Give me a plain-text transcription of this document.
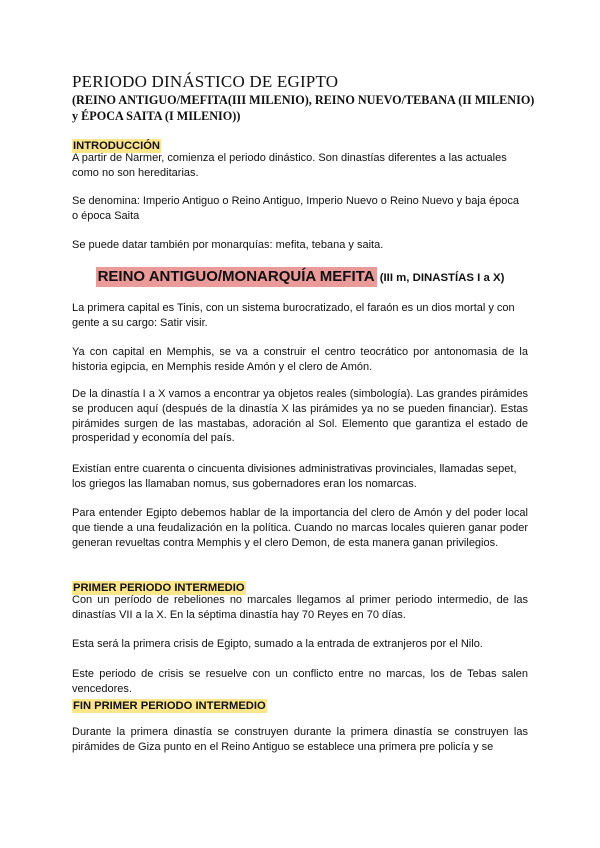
PERIODO DINÁSTICO DE EGIPTO
(REINO ANTIGUO/MEFITA(III MILENIO), REINO NUEVO/TEBANA (II MILENIO) y ÉPOCA SAITA (I MILENIO))
INTRODUCCIÓN

A partir de Narmer, comienza el periodo dinástico. Son dinastías diferentes a las actuales como no son hereditarias.

Se denomina: Imperio Antiguo o Reino Antiguo, Imperio Nuevo o Reino Nuevo y baja época o época Saita

Se puede datar también por monarquías: mefita, tebana y saita.

REINO ANTIGUO/MONARQUÍA MEFITA (III m, DINASTÍAS I a X)

La primera capital es Tinis, con un sistema burocratizado, el faraón es un dios mortal y con gente a su cargo: Satir visir.

Ya con capital en Memphis, se va a construir el centro teocrático por antonomasia de la historia egipcia, en Memphis reside Amón y el clero de Amón.

De la dinastía I a X vamos a encontrar ya objetos reales (simbología). Las grandes pirámides se producen aquí (después de la dinastía X las pirámides ya no se pueden financiar). Estas pirámides surgen de las mastabas, adoración al Sol. Elemento que garantiza el estado de prosperidad y economía del país.

Existían entre cuarenta o cincuenta divisiones administrativas provinciales, llamadas sepet, los griegos las llamaban nomus, sus gobernadores eran los nomarcas.

Para entender Egipto debemos hablar de la importancia del clero de Amón y del poder local que tiende a una feudalización en la política. Cuando no marcas locales quieren ganar poder generan revueltas contra Memphis y el clero Demon, de esta manera ganan privilegios.

PRIMER PERIODO INTERMEDIO

Con un período de rebeliones no marcales llegamos al primer periodo intermedio, de las dinastías VII a la X. En la séptima dinastía hay 70 Reyes en 70 días.

Esta será la primera crisis de Egipto, sumado a la entrada de extranjeros por el Nilo.

Este periodo de crisis se resuelve con un conflicto entre no marcas, los de Tebas salen vencedores.

FIN PRIMER PERIODO INTERMEDIO

Durante la primera dinastía se construyen durante la primera dinastía se construyen las pirámides de Giza punto en el Reino Antiguo se establece una primera pre policía y se
